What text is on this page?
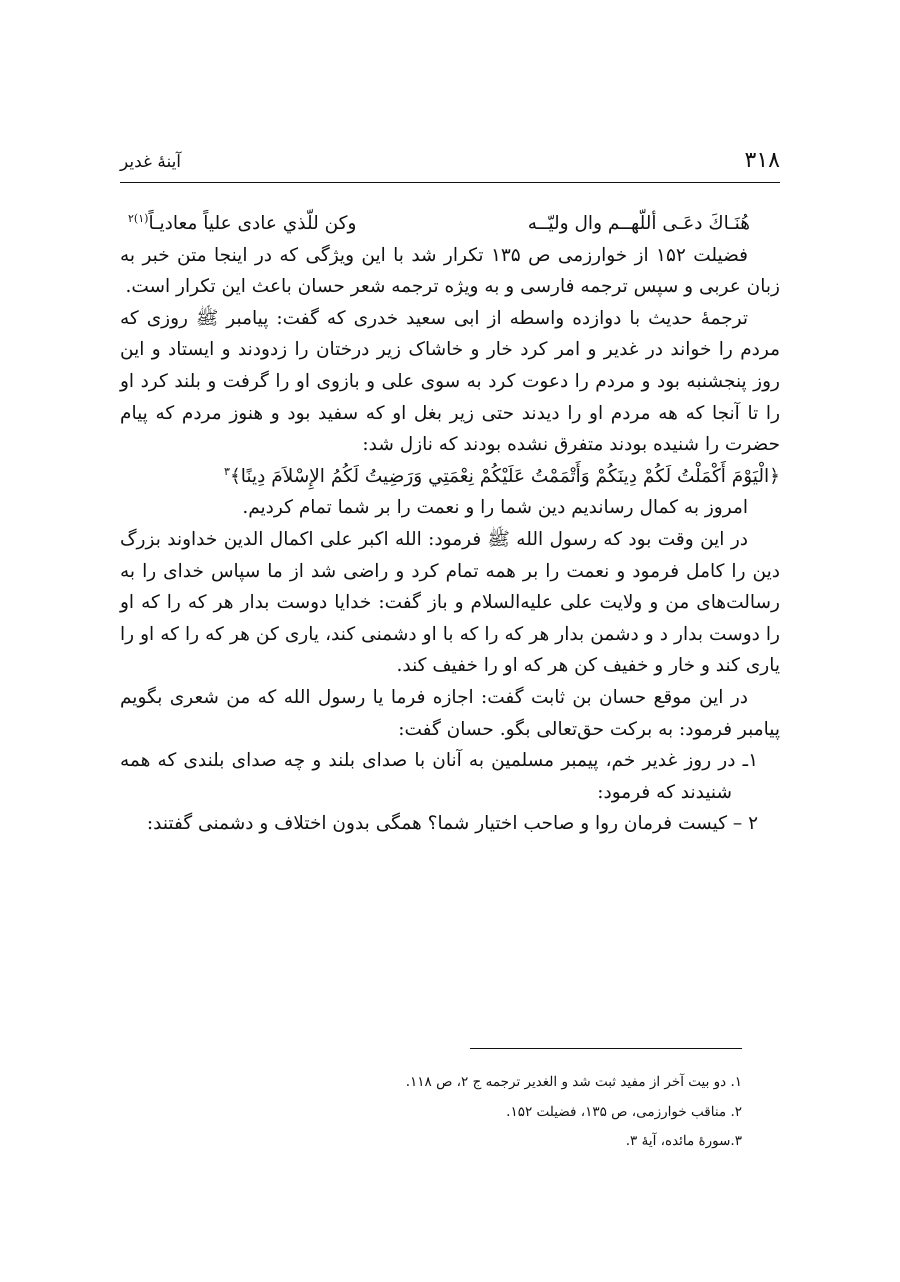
۳۱۸
آینهٔ غدیر
هُنَـاكَ دعَـى أللّهــم وال وليّــه
وكن للّذي عادى علياً معاديـاً$^{(۱)۲}$

فضیلت ۱۵۲ از خوارزمی ص ۱۳۵ تکرار شد با این ویژگی که در اینجا متن خبر به زبان عربی و سپس ترجمه فارسی و به ویژه ترجمه شعر حسان باعث این تکرار است.

ترجمهٔ حدیث با دوازده واسطه از ابی سعید خدری که گفت: پیامبر ﷺ روزی که مردم را خواند در غدیر و امر کرد خار و خاشاک زیر درختان را زدودند و ایستاد و این روز پنجشنبه بود و مردم را دعوت کرد به سوی علی و بازوی او را گرفت و بلند کرد او را تا آنجا که هه مردم او را دیدند حتی زیر بغل او که سفید بود و هنوز مردم که پیام حضرت را شنیده بودند متفرق نشده بودند که نازل شد:

﴿الْيَوْمَ أَكْمَلْتُ لَكُمْ دِينَكُمْ وَأَتْمَمْتُ عَلَيْكُمْ نِعْمَتِي وَرَضِيتُ لَكُمُ الإِسْلاَمَ دِينًا﴾$^۳$

امروز به کمال رساندیم دین شما را و نعمت را بر شما تمام کردیم.

در این وقت بود که رسول الله ﷺ فرمود: الله اکبر علی اکمال الدین خداوند بزرگ دین را کامل فرمود و نعمت را بر همه تمام کرد و راضی شد از ما سپاس خدای را به رسالت‌های من و ولایت علی علیه‌السلام و باز گفت: خدایا دوست بدار هر که را که او را دوست بدار د و دشمن بدار هر که را که با او دشمنی کند، یاری کن هر که را که او را یاری کند و خار و خفیف کن هر که او را خفیف کند.

در این موقع حسان بن ثابت گفت: اجازه فرما یا رسول الله که من شعری بگویم پیامبر فرمود: به برکت حق‌تعالی بگو. حسان گفت:

۱ـ در روز غدیر خم، پیمبر مسلمین به آنان با صدای بلند و چه صدای بلندی که همه شنیدند که فرمود:

۲ – کیست فرمان روا و صاحب اختیار شما؟ همگی بدون اختلاف و دشمنی گفتند:

۱. دو بیت آخر از مفید ثبت شد و الغدیر ترجمه ج ۲، ص ۱۱۸.

۲. مناقب خوارزمی، ص ۱۳۵، فضیلت ۱۵۲.

۳.سورهٔ مائده، آیهٔ ۳.
